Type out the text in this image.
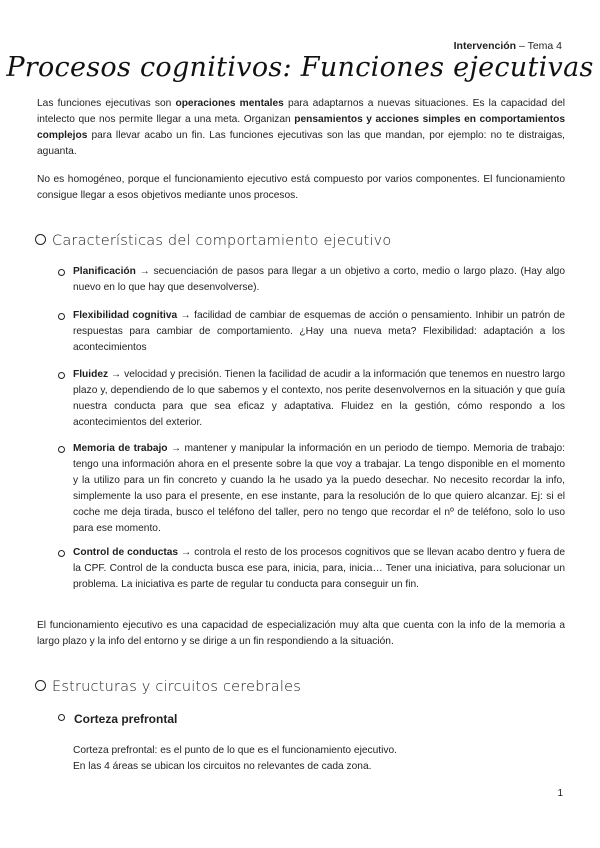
Intervención – Tema 4
Procesos cognitivos: Funciones ejecutivas
Las funciones ejecutivas son operaciones mentales para adaptarnos a nuevas situaciones. Es la capacidad del intelecto que nos permite llegar a una meta. Organizan pensamientos y acciones simples en comportamientos complejos para llevar acabo un fin. Las funciones ejecutivas son las que mandan, por ejemplo: no te distraigas, aguanta.
No es homogéneo, porque el funcionamiento ejecutivo está compuesto por varios componentes. El funcionamiento consigue llegar a esos objetivos mediante unos procesos.
Características del comportamiento ejecutivo
Planificación → secuenciación de pasos para llegar a un objetivo a corto, medio o largo plazo. (Hay algo nuevo en lo que hay que desenvolverse).
Flexibilidad cognitiva → facilidad de cambiar de esquemas de acción o pensamiento. Inhibir un patrón de respuestas para cambiar de comportamiento. ¿Hay una nueva meta? Flexibilidad: adaptación a los acontecimientos
Fluidez → velocidad y precisión. Tienen la facilidad de acudir a la información que tenemos en nuestro largo plazo y, dependiendo de lo que sabemos y el contexto, nos perite desenvolvernos en la situación y que guía nuestra conducta para que sea eficaz y adaptativa. Fluidez en la gestión, cómo respondo a los acontecimientos del exterior.
Memoria de trabajo → mantener y manipular la información en un periodo de tiempo. Memoria de trabajo: tengo una información ahora en el presente sobre la que voy a trabajar. La tengo disponible en el momento y la utilizo para un fin concreto y cuando la he usado ya la puedo desechar. No necesito recordar la info, simplemente la uso para el presente, en ese instante, para la resolución de lo que quiero alcanzar. Ej: si el coche me deja tirada, busco el teléfono del taller, pero no tengo que recordar el nº de teléfono, solo lo uso para ese momento.
Control de conductas → controla el resto de los procesos cognitivos que se llevan acabo dentro y fuera de la CPF. Control de la conducta busca ese para, inicia, para, inicia… Tener una iniciativa, para solucionar un problema. La iniciativa es parte de regular tu conducta para conseguir un fin.
El funcionamiento ejecutivo es una capacidad de especialización muy alta que cuenta con la info de la memoria a largo plazo y la info del entorno y se dirige a un fin respondiendo a la situación.
Estructuras y circuitos cerebrales
Corteza prefrontal
Corteza prefrontal: es el punto de lo que es el funcionamiento ejecutivo.
En las 4 áreas se ubican los circuitos no relevantes de cada zona.
1
